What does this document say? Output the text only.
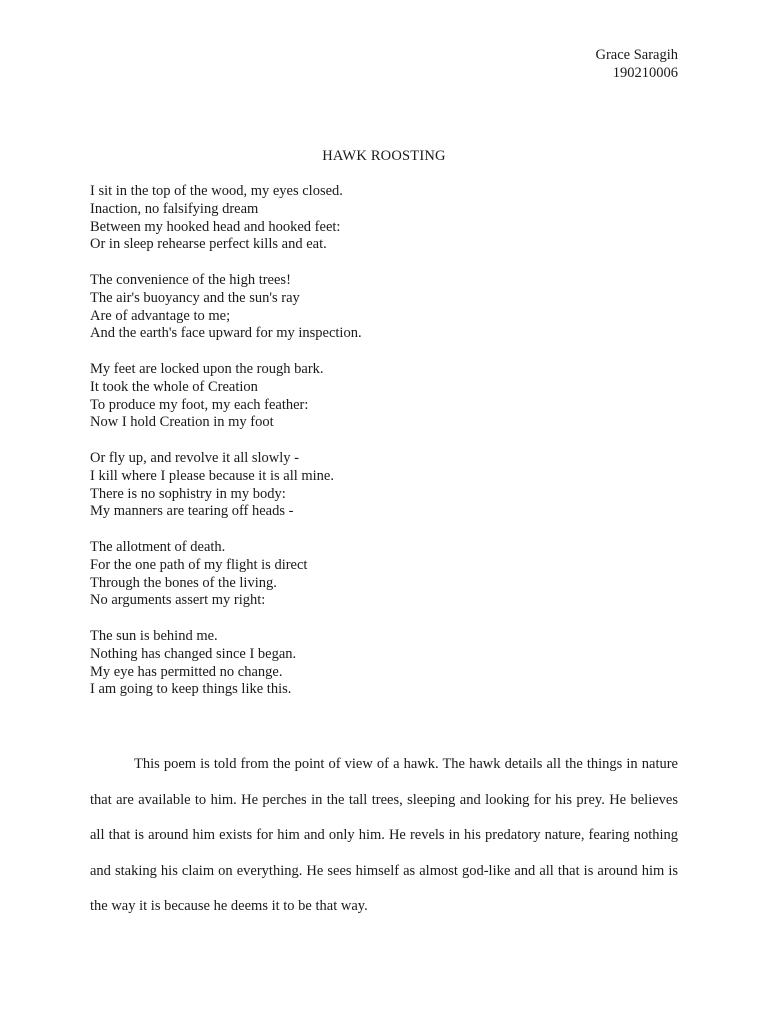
Grace Saragih
190210006
HAWK ROOSTING
I sit in the top of the wood, my eyes closed.
Inaction, no falsifying dream
Between my hooked head and hooked feet:
Or in sleep rehearse perfect kills and eat.
The convenience of the high trees!
The air's buoyancy and the sun's ray
Are of advantage to me;
And the earth's face upward for my inspection.
My feet are locked upon the rough bark.
It took the whole of Creation
To produce my foot, my each feather:
Now I hold Creation in my foot
Or fly up, and revolve it all slowly -
I kill where I please because it is all mine.
There is no sophistry in my body:
My manners are tearing off heads -
The allotment of death.
For the one path of my flight is direct
Through the bones of the living.
No arguments assert my right:
The sun is behind me.
Nothing has changed since I began.
My eye has permitted no change.
I am going to keep things like this.

This poem is told from the point of view of a hawk. The hawk details all the things in nature that are available to him. He perches in the tall trees, sleeping and looking for his prey. He believes all that is around him exists for him and only him. He revels in his predatory nature, fearing nothing and staking his claim on everything. He sees himself as almost god-like and all that is around him is the way it is because he deems it to be that way.
